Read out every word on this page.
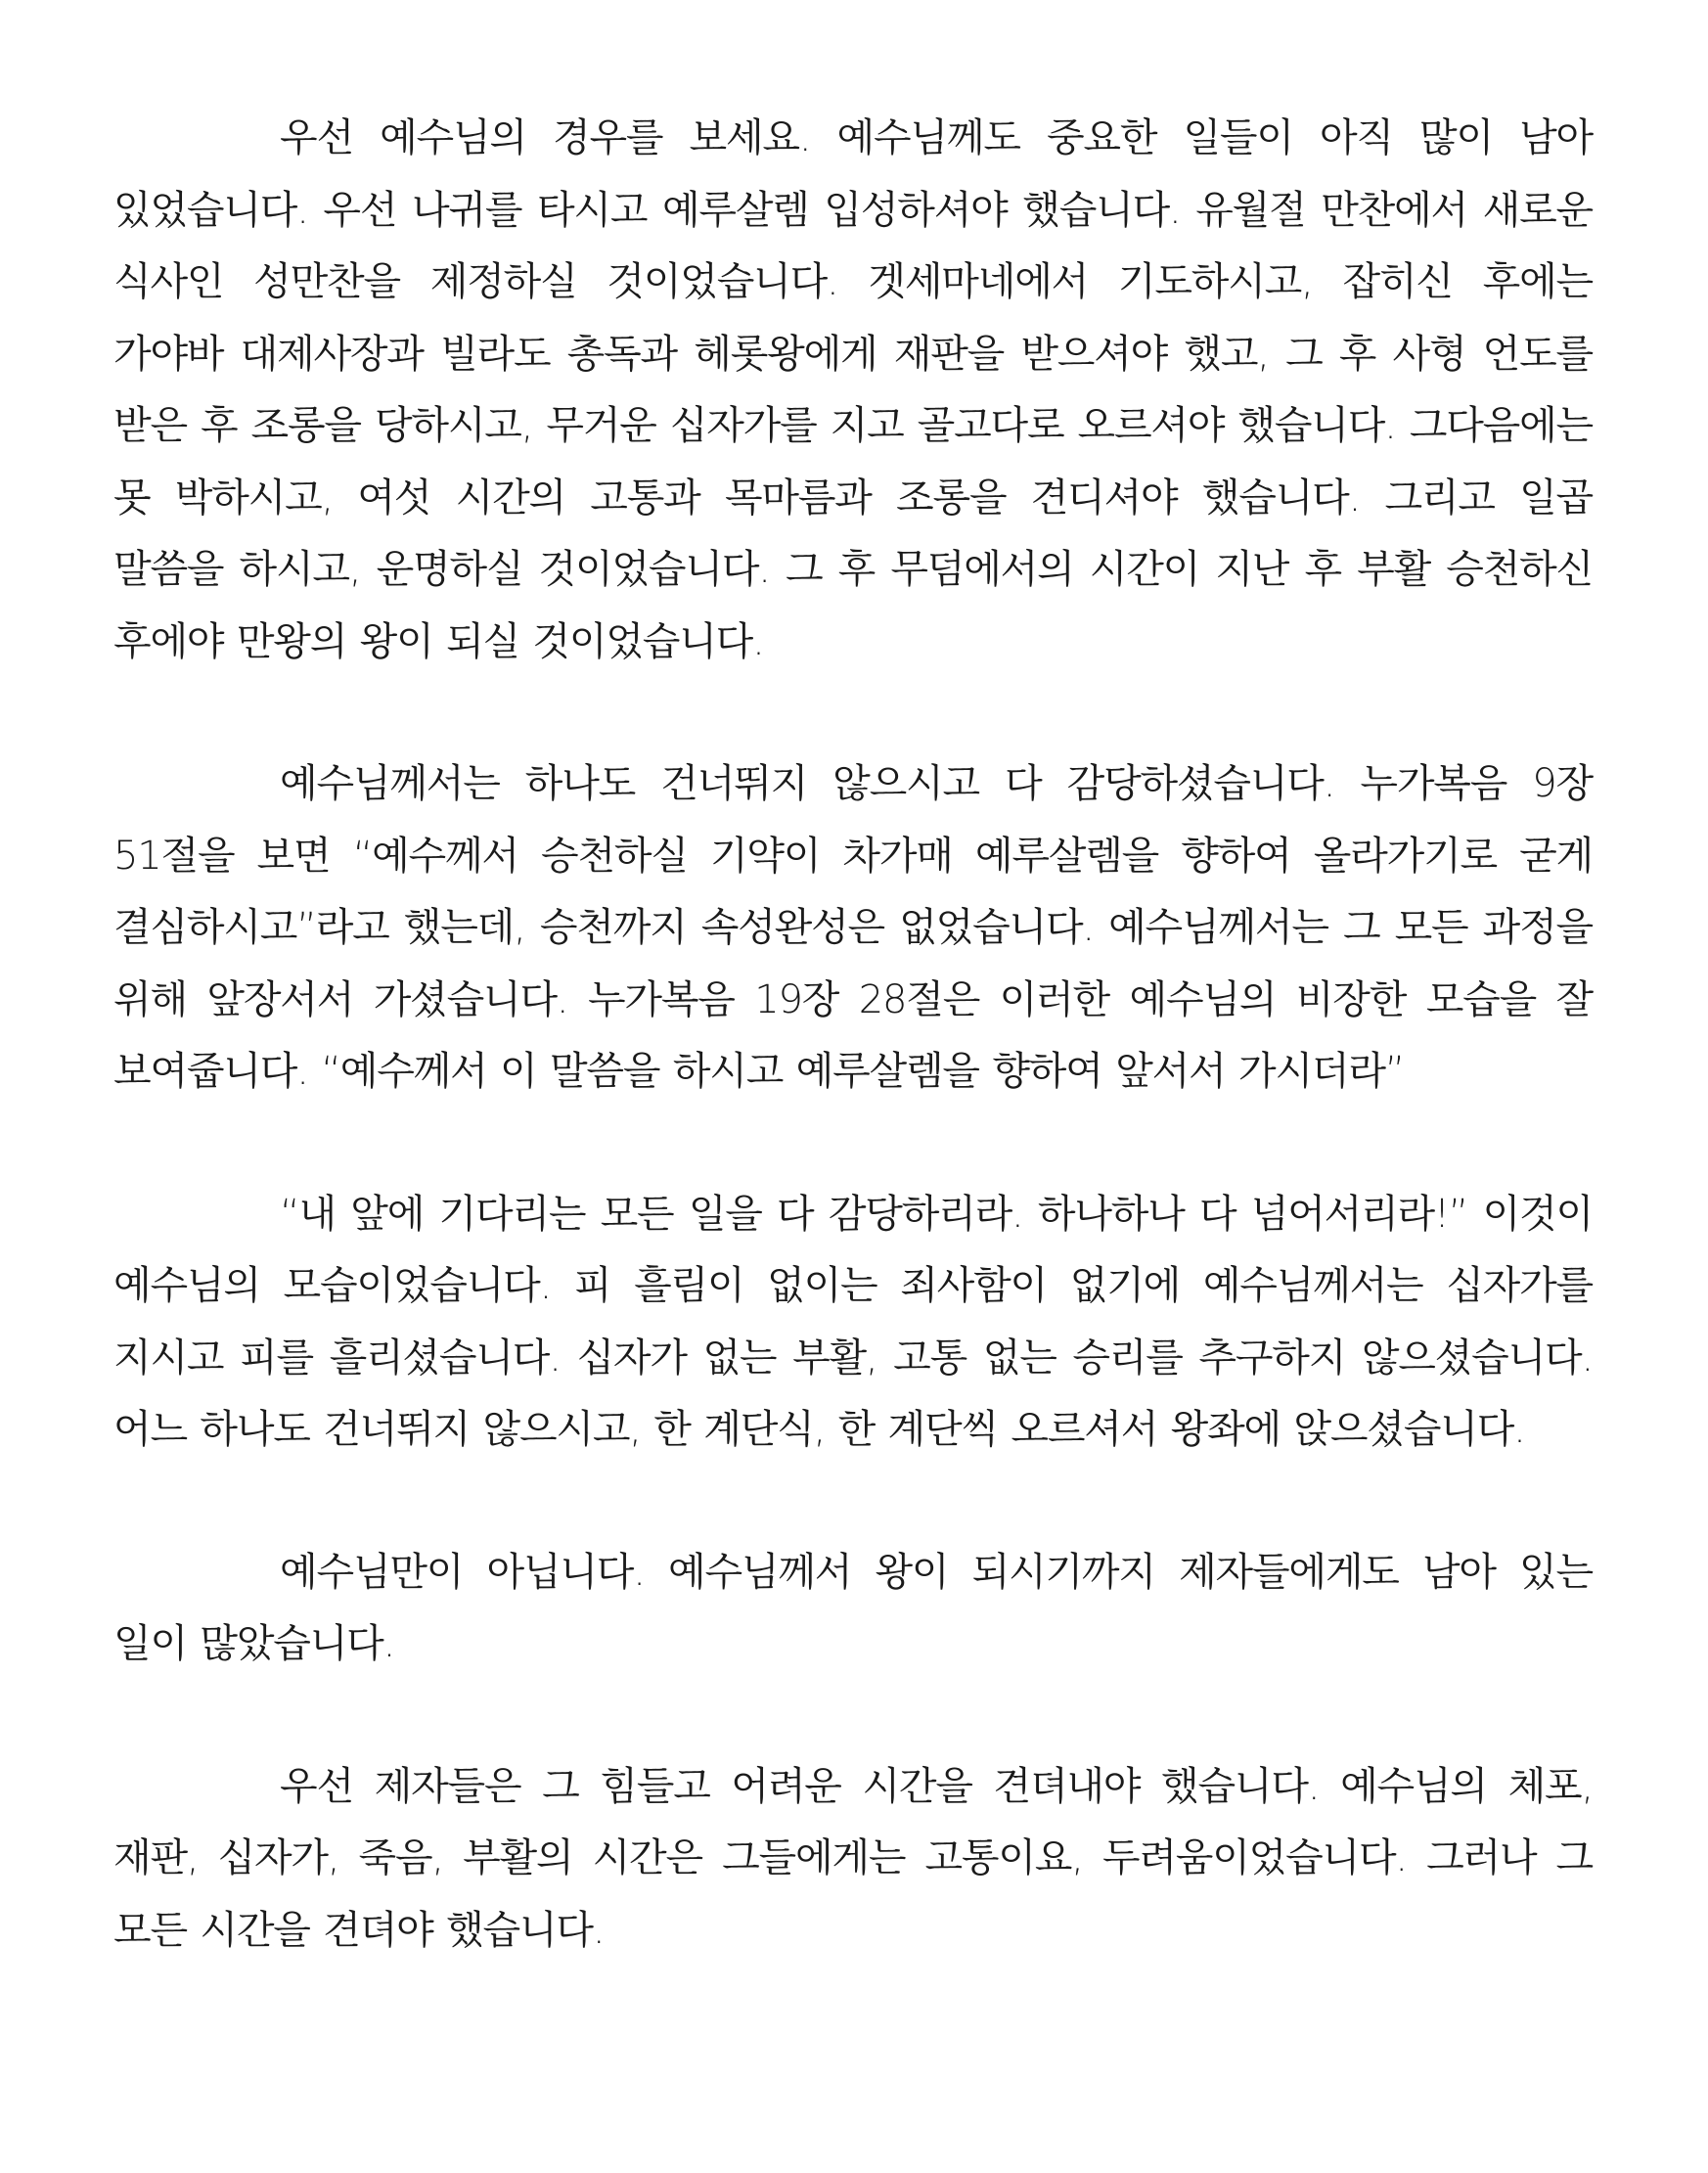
우선 예수님의 경우를 보세요. 예수님께도 중요한 일들이 아직 많이 남아 있었습니다. 우선 나귀를 타시고 예루살렘 입성하셔야 했습니다. 유월절 만찬에서 새로운 식사인 성만찬을 제정하실 것이었습니다. 겟세마네에서 기도하시고, 잡히신 후에는 가야바 대제사장과 빌라도 총독과 헤롯왕에게 재판을 받으셔야 했고, 그 후 사형 언도를 받은 후 조롱을 당하시고, 무거운 십자가를 지고 골고다로 오르셔야 했습니다. 그다음에는 못 박하시고, 여섯 시간의 고통과 목마름과 조롱을 견디셔야 했습니다. 그리고 일곱 말씀을 하시고, 운명하실 것이었습니다. 그 후 무덤에서의 시간이 지난 후 부활 승천하신 후에야 만왕의 왕이 되실 것이었습니다.

예수님께서는 하나도 건너뛰지 않으시고 다 감당하셨습니다. 누가복음 9장 51절을 보면 “예수께서 승천하실 기약이 차가매 예루살렘을 향하여 올라가기로 굳게 결심하시고”라고 했는데, 승천까지 속성완성은 없었습니다. 예수님께서는 그 모든 과정을 위해 앞장서서 가셨습니다. 누가복음 19장 28절은 이러한 예수님의 비장한 모습을 잘 보여줍니다. “예수께서 이 말씀을 하시고 예루살렘을 향하여 앞서서 가시더라”

“내 앞에 기다리는 모든 일을 다 감당하리라. 하나하나 다 넘어서리라!” 이것이 예수님의 모습이었습니다. 피 흘림이 없이는 죄사함이 없기에 예수님께서는 십자가를 지시고 피를 흘리셨습니다. 십자가 없는 부활, 고통 없는 승리를 추구하지 않으셨습니다. 어느 하나도 건너뛰지 않으시고, 한 계단식, 한 계단씩 오르셔서 왕좌에 앉으셨습니다.

예수님만이 아닙니다. 예수님께서 왕이 되시기까지 제자들에게도 남아 있는 일이 많았습니다.

우선 제자들은 그 힘들고 어려운 시간을 견뎌내야 했습니다. 예수님의 체포, 재판, 십자가, 죽음, 부활의 시간은 그들에게는 고통이요, 두려움이었습니다. 그러나 그 모든 시간을 견뎌야 했습니다.
